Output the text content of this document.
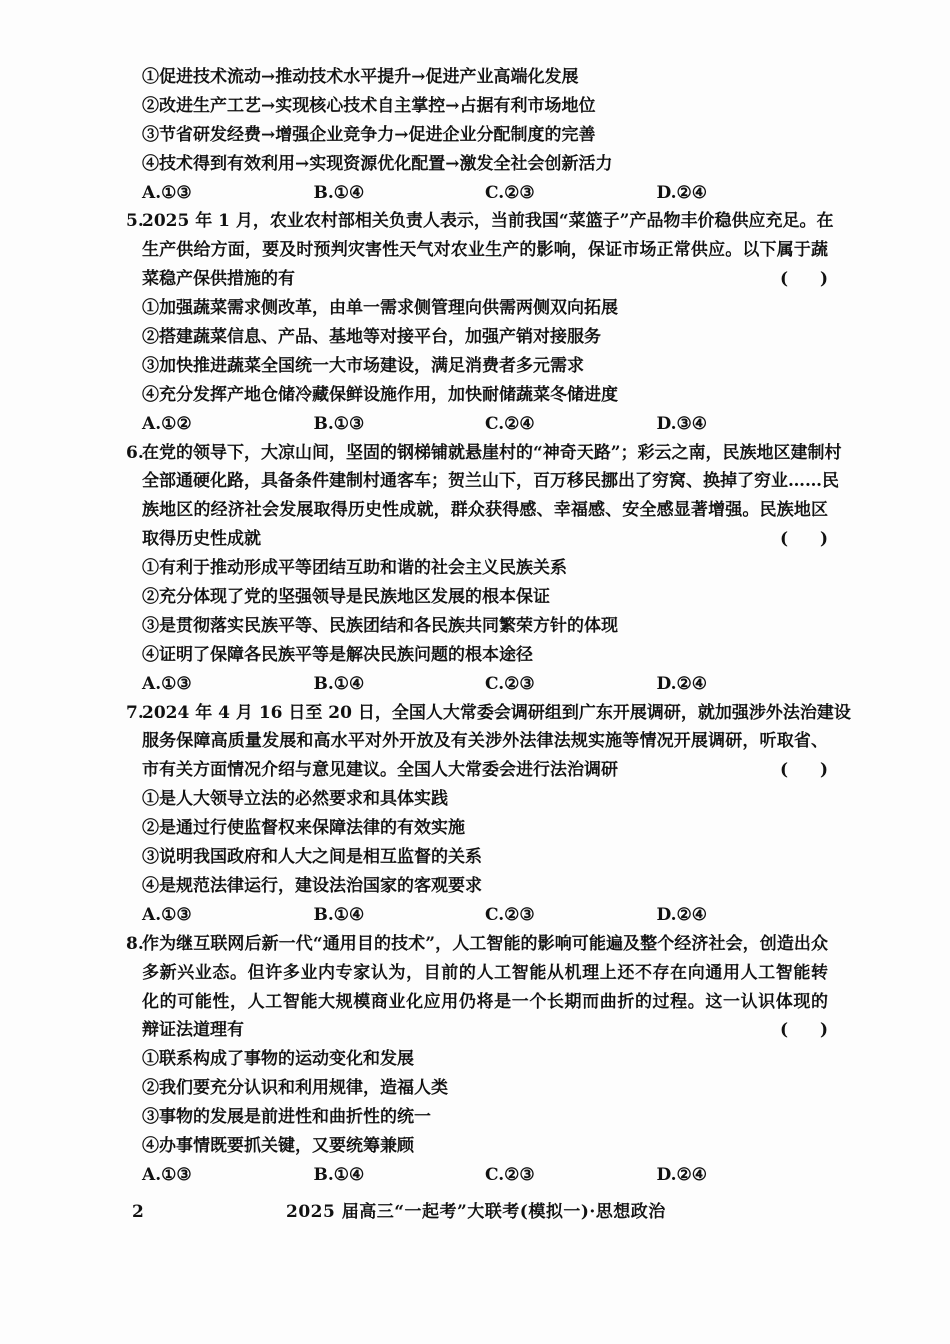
①促进技术流动→推动技术水平提升→促进产业高端化发展
②改进生产工艺→实现核心技术自主掌控→占据有利市场地位
③节省研发经费→增强企业竞争力→促进企业分配制度的完善
④技术得到有效利用→实现资源优化配置→激发全社会创新活力
A.①③	B.①④	C.②③	D.②④
5.
2025 年 1 月，农业农村部相关负责人表示，当前我国“菜篮子”产品物丰价稳供应充足。在
生产供给方面，要及时预判灾害性天气对农业生产的影响，保证市场正常供应。以下属于蔬
菜稳产保供措施的有	( )
①加强蔬菜需求侧改革，由单一需求侧管理向供需两侧双向拓展
②搭建蔬菜信息、产品、基地等对接平台，加强产销对接服务
③加快推进蔬菜全国统一大市场建设，满足消费者多元需求
④充分发挥产地仓储冷藏保鲜设施作用，加快耐储蔬菜冬储进度
A.①②	B.①③	C.②④	D.③④
6.
在党的领导下，大凉山间，坚固的钢梯铺就悬崖村的“神奇天路”；彩云之南，民族地区建制村
全部通硬化路，具备条件建制村通客车；贺兰山下，百万移民挪出了穷窝、换掉了穷业……民
族地区的经济社会发展取得历史性成就，群众获得感、幸福感、安全感显著增强。民族地区
取得历史性成就	( )
①有利于推动形成平等团结互助和谐的社会主义民族关系
②充分体现了党的坚强领导是民族地区发展的根本保证
③是贯彻落实民族平等、民族团结和各民族共同繁荣方针的体现
④证明了保障各民族平等是解决民族问题的根本途径
A.①③	B.①④	C.②③	D.②④
7.
2024 年 4 月 16 日至 20 日，全国人大常委会调研组到广东开展调研，就加强涉外法治建设
服务保障高质量发展和高水平对外开放及有关涉外法律法规实施等情况开展调研，听取省、
市有关方面情况介绍与意见建议。全国人大常委会进行法治调研	( )
①是人大领导立法的必然要求和具体实践
②是通过行使监督权来保障法律的有效实施
③说明我国政府和人大之间是相互监督的关系
④是规范法律运行，建设法治国家的客观要求
A.①③	B.①④	C.②③	D.②④
8.
作为继互联网后新一代“通用目的技术”，人工智能的影响可能遍及整个经济社会，创造出众
多新兴业态。但许多业内专家认为，目前的人工智能从机理上还不存在向通用人工智能转
化的可能性，人工智能大规模商业化应用仍将是一个长期而曲折的过程。这一认识体现的
辩证法道理有	( )
①联系构成了事物的运动变化和发展
②我们要充分认识和利用规律，造福人类
③事物的发展是前进性和曲折性的统一
④办事情既要抓关键，又要统筹兼顾
A.①③	B.①④	C.②③	D.②④
2	2025 届高三“一起考”大联考(模拟一)·思想政治
